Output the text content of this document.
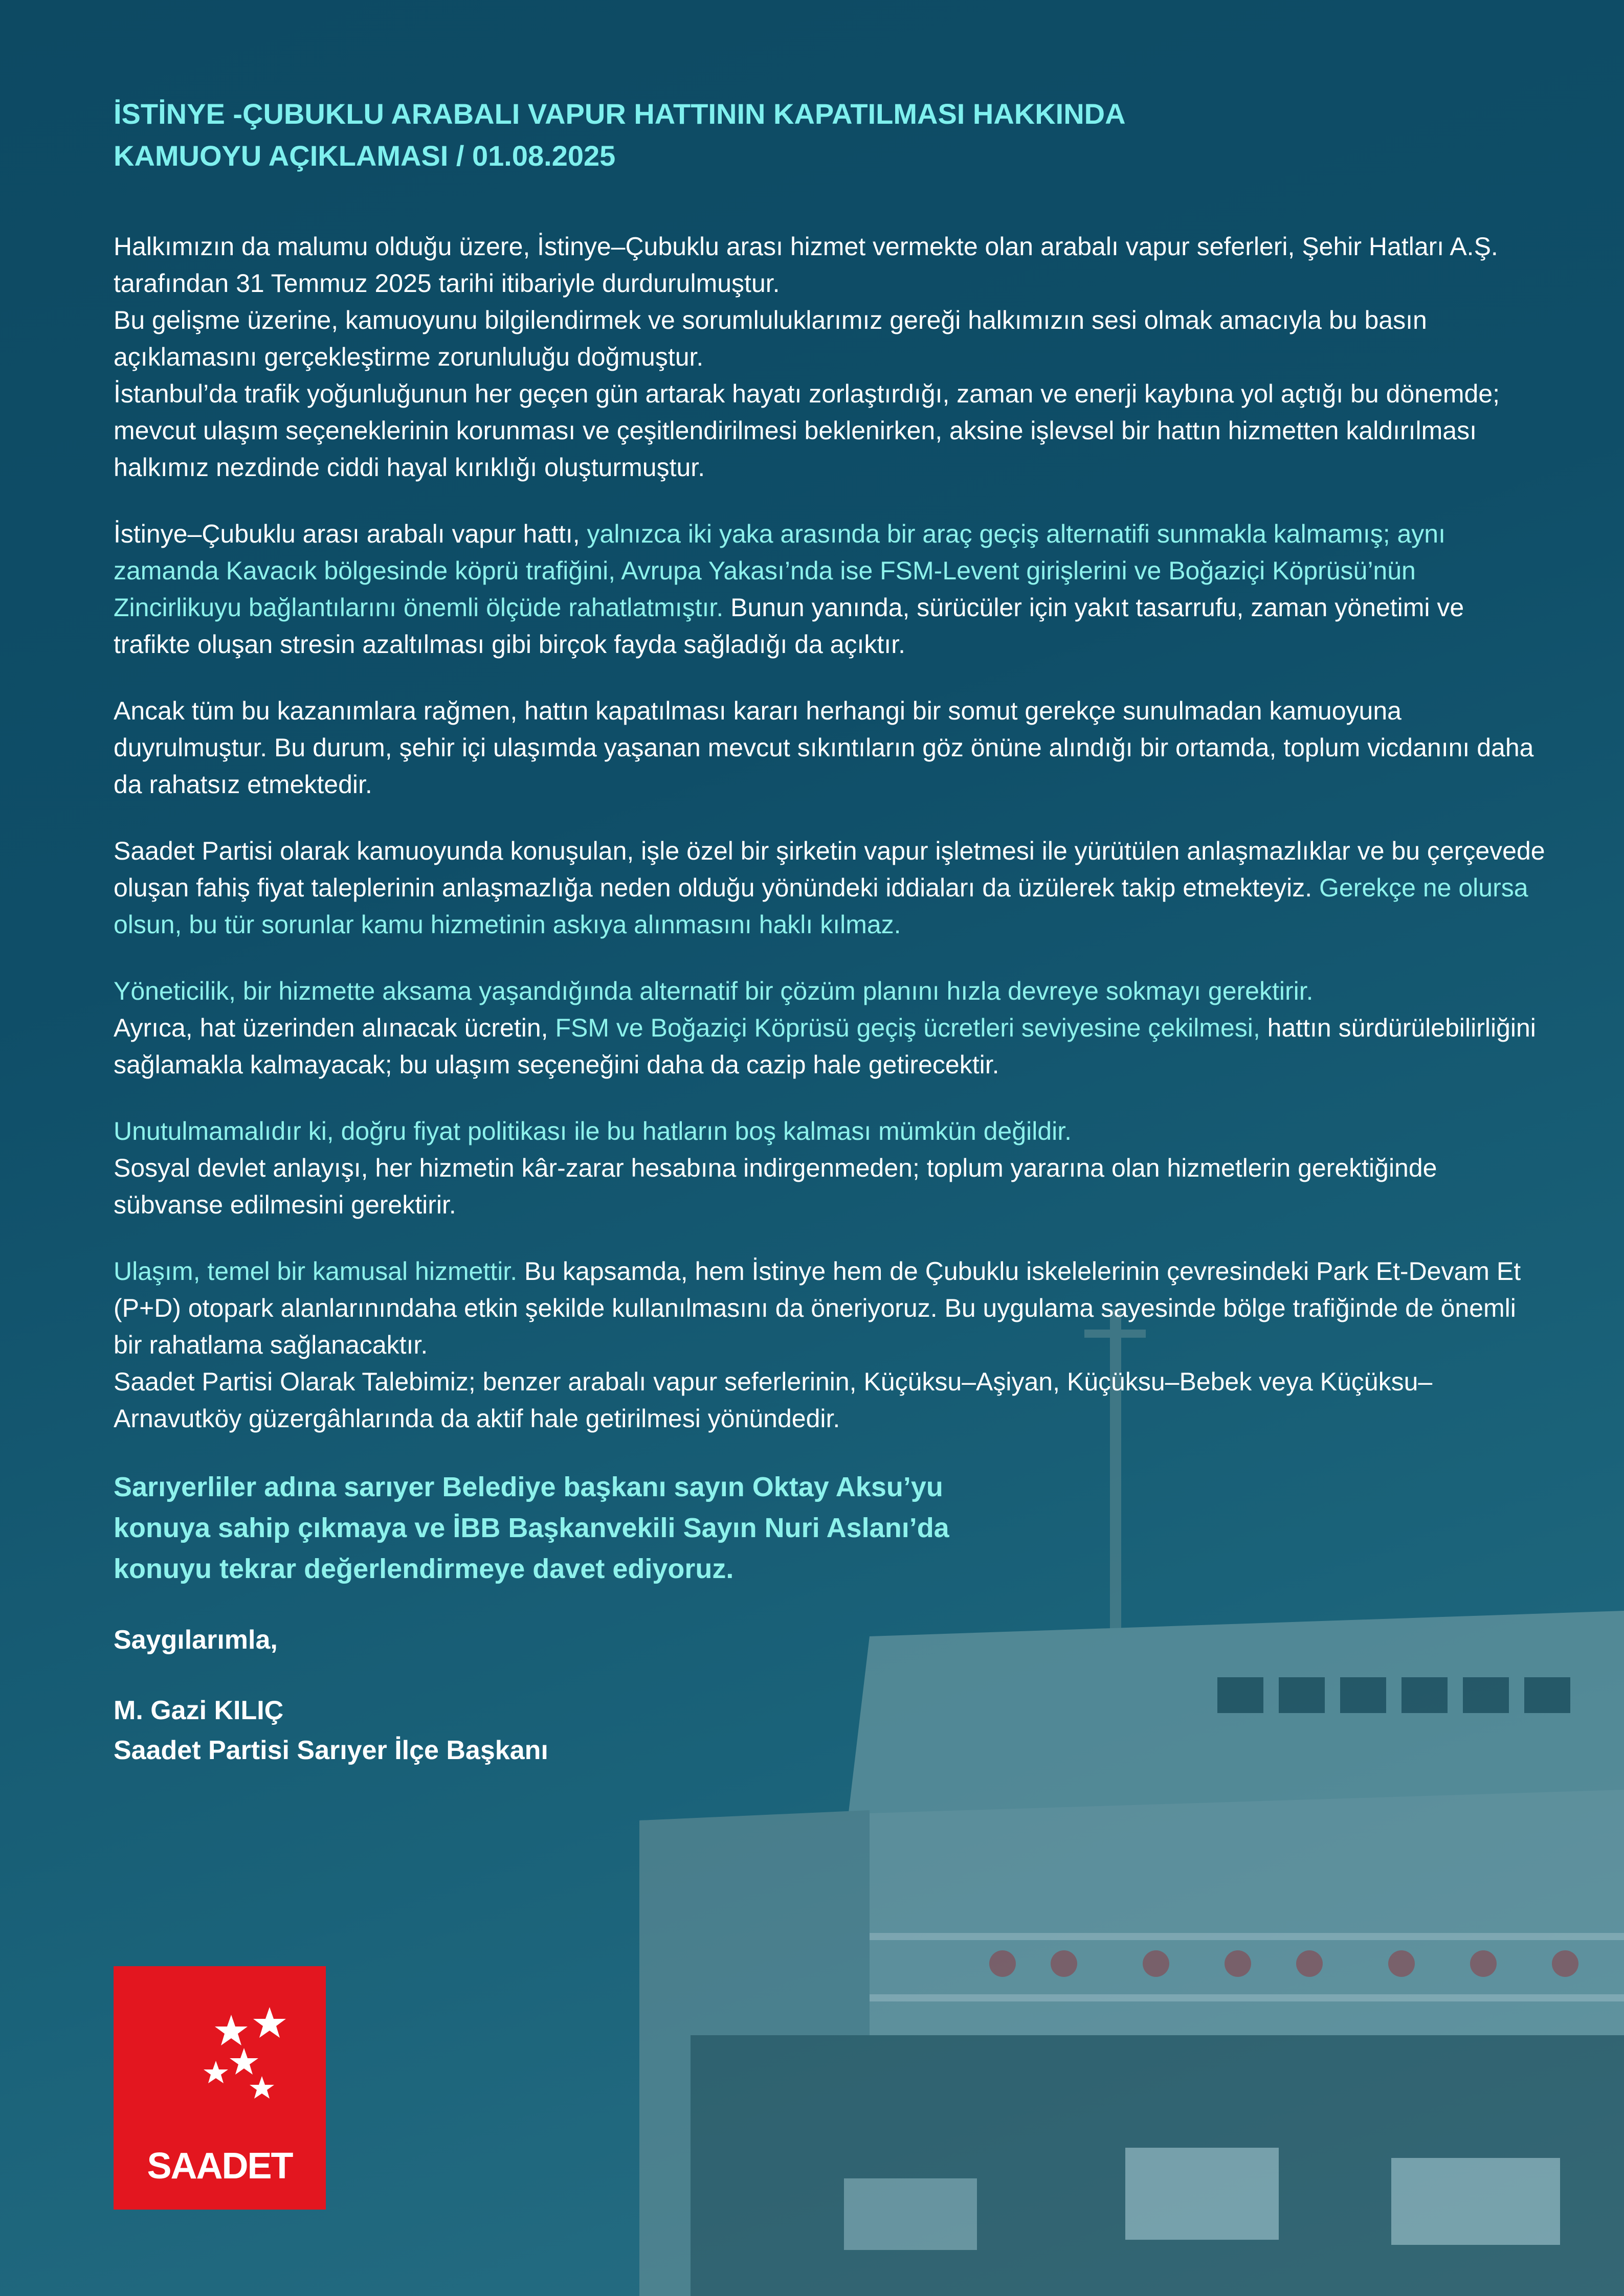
İSTİNYE -ÇUBUKLU ARABALI VAPUR HATTININ KAPATILMASI HAKKINDA
KAMUOYU AÇIKLAMASI / 01.08.2025

Halkımızın da malumu olduğu üzere, İstinye–Çubuklu arası hizmet vermekte olan arabalı vapur seferleri, Şehir Hatları A.Ş. tarafından 31 Temmuz 2025 tarihi itibariyle durdurulmuştur.

Bu gelişme üzerine, kamuoyunu bilgilendirmek ve sorumluluklarımız gereği halkımızın sesi olmak amacıyla bu basın açıklamasını gerçekleştirme zorunluluğu doğmuştur.

İstanbul’da trafik yoğunluğunun her geçen gün artarak hayatı zorlaştırdığı, zaman ve enerji kaybına yol açtığı bu dönemde; mevcut ulaşım seçeneklerinin korunması ve çeşitlendirilmesi beklenirken, aksine işlevsel bir hattın hizmetten kaldırılması halkımız nezdinde ciddi hayal kırıklığı oluşturmuştur.

İstinye–Çubuklu arası arabalı vapur hattı, yalnızca iki yaka arasında bir araç geçiş alternatifi sunmakla kalmamış; aynı zamanda Kavacık bölgesinde köprü trafiğini, Avrupa Yakası’nda ise FSM-Levent girişlerini ve Boğaziçi Köprüsü’nün Zincirlikuyu bağlantılarını önemli ölçüde rahatlatmıştır. Bunun yanında, sürücüler için yakıt tasarrufu, zaman yönetimi ve trafikte oluşan stresin azaltılması gibi birçok fayda sağladığı da açıktır.

Ancak tüm bu kazanımlara rağmen, hattın kapatılması kararı herhangi bir somut gerekçe sunulmadan kamuoyuna duyrulmuştur. Bu durum, şehir içi ulaşımda yaşanan mevcut sıkıntıların göz önüne alındığı bir ortamda, toplum vicdanını daha da rahatsız etmektedir.

Saadet Partisi olarak kamuoyunda konuşulan, işle özel bir şirketin vapur işletmesi ile yürütülen anlaşmazlıklar ve bu çerçevede oluşan fahiş fiyat taleplerinin anlaşmazlığa neden olduğu yönündeki iddiaları da üzülerek takip etmekteyiz. Gerekçe ne olursa olsun, bu tür sorunlar kamu hizmetinin askıya alınmasını haklı kılmaz.

Yöneticilik, bir hizmette aksama yaşandığında alternatif bir çözüm planını hızla devreye sokmayı gerektirir.

Ayrıca, hat üzerinden alınacak ücretin, FSM ve Boğaziçi Köprüsü geçiş ücretleri seviyesine çekilmesi, hattın sürdürülebilirliğini sağlamakla kalmayacak; bu ulaşım seçeneğini daha da cazip hale getirecektir.

Unutulmamalıdır ki, doğru fiyat politikası ile bu hatların boş kalması mümkün değildir.

Sosyal devlet anlayışı, her hizmetin kâr-zarar hesabına indirgenmeden; toplum yararına olan hizmetlerin gerektiğinde sübvanse edilmesini gerektirir.

Ulaşım, temel bir kamusal hizmettir. Bu kapsamda, hem İstinye hem de Çubuklu iskelelerinin çevresindeki Park Et-Devam Et (P+D) otopark alanlarınındaha etkin şekilde kullanılmasını da öneriyoruz. Bu uygulama sayesinde bölge trafiğinde de önemli bir rahatlama sağlanacaktır.

Saadet Partisi Olarak Talebimiz; benzer arabalı vapur seferlerinin, Küçüksu–Aşiyan, Küçüksu–Bebek veya Küçüksu–Arnavutköy güzergâhlarında da aktif hale getirilmesi yönündedir.

Sarıyerliler adına sarıyer Belediye başkanı sayın Oktay Aksu’yu
konuya sahip çıkmaya ve İBB Başkanvekili Sayın Nuri Aslanı’da
konuyu tekrar değerlendirmeye davet ediyoruz.

Saygılarımla,

M. Gazi KILIÇ

Saadet Partisi Sarıyer İlçe Başkanı

SAADET
